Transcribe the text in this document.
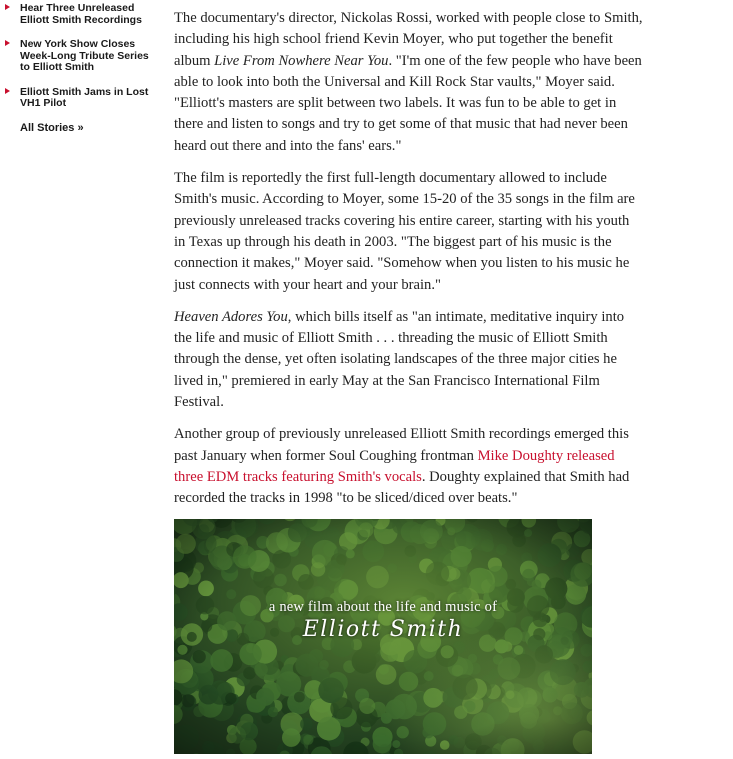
Hear Three Unreleased Elliott Smith Recordings
New York Show Closes Week-Long Tribute Series to Elliott Smith
Elliott Smith Jams in Lost VH1 Pilot
All Stories »

The documentary's director, Nickolas Rossi, worked with people close to Smith, including his high school friend Kevin Moyer, who put together the benefit album Live From Nowhere Near You. "I'm one of the few people who have been able to look into both the Universal and Kill Rock Star vaults," Moyer said. "Elliott's masters are split between two labels. It was fun to be able to get in there and listen to songs and try to get some of that music that had never been heard out there and into the fans' ears."

The film is reportedly the first full-length documentary allowed to include Smith's music. According to Moyer, some 15-20 of the 35 songs in the film are previously unreleased tracks covering his entire career, starting with his youth in Texas up through his death in 2003. "The biggest part of his music is the connection it makes," Moyer said. "Somehow when you listen to his music he just connects with your heart and your brain."

Heaven Adores You, which bills itself as "an intimate, meditative inquiry into the life and music of Elliott Smith . . . threading the music of Elliott Smith through the dense, yet often isolating landscapes of the three major cities he lived in," premiered in early May at the San Francisco International Film Festival.

Another group of previously unreleased Elliott Smith recordings emerged this past January when former Soul Coughing frontman Mike Doughty released three EDM tracks featuring Smith's vocals. Doughty explained that Smith had recorded the tracks in 1998 "to be sliced/diced over beats."

a new film about the life and music of
Elliott Smith
